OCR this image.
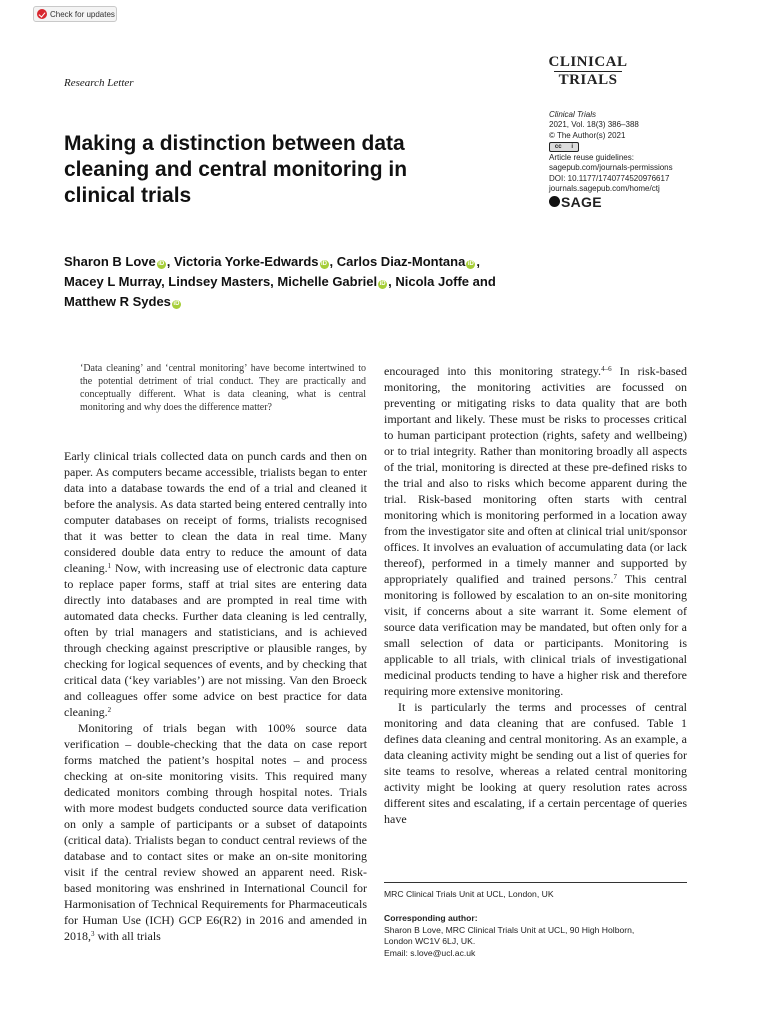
Check for updates
Research Letter
CLINICAL
TRIALS
Making a distinction between data cleaning and central monitoring in clinical trials
Clinical Trials
2021, Vol. 18(3) 386–388
© The Author(s) 2021
cc i
Article reuse guidelines:
sagepub.com/journals-permissions
DOI: 10.1177/1740774520976617
journals.sagepub.com/home/ctj
SAGE
Sharon B Love iD , Victoria Yorke-Edwards iD , Carlos Diaz-Montana iD ,
Macey L Murray, Lindsey Masters, Michelle Gabriel iD , Nicola Joffe and
Matthew R Sydes iD
‘Data cleaning’ and ‘central monitoring’ have become intertwined to the potential detriment of trial conduct. They are practically and conceptually different. What is data cleaning, what is central monitoring and why does the difference matter?

Early clinical trials collected data on punch cards and then on paper. As computers became accessible, trialists began to enter data into a database towards the end of a trial and cleaned it before the analysis. As data started being entered centrally into computer databases on receipt of forms, trialists recognised that it was better to clean the data in real time. Many considered double data entry to reduce the amount of data cleaning.$^1$ Now, with increasing use of electronic data capture to replace paper forms, staff at trial sites are entering data directly into databases and are prompted in real time with automated data checks. Further data cleaning is led centrally, often by trial managers and statisticians, and is achieved through checking against prescriptive or plausible ranges, by checking for logical sequences of events, and by checking that critical data (‘key variables’) are not missing. Van den Broeck and colleagues offer some advice on best practice for data cleaning.$^2$

Monitoring of trials began with 100% source data verification – double-checking that the data on case report forms matched the patient’s hospital notes – and process checking at on-site monitoring visits. This required many dedicated monitors combing through hospital notes. Trials with more modest budgets conducted source data verification on only a sample of participants or a subset of datapoints (critical data). Trialists began to conduct central reviews of the database and to contact sites or make an on-site monitoring visit if the central review showed an apparent need. Risk-based monitoring was enshrined in International Council for Harmonisation of Technical Requirements for Pharmaceuticals for Human Use (ICH) GCP E6(R2) in 2016 and amended in 2018,$^3$ with all trials

encouraged into this monitoring strategy.$^{4-6}$ In risk-based monitoring, the monitoring activities are focussed on preventing or mitigating risks to data quality that are both important and likely. These must be risks to processes critical to human participant protection (rights, safety and wellbeing) or to trial integrity. Rather than monitoring broadly all aspects of the trial, monitoring is directed at these pre-defined risks to the trial and also to risks which become apparent during the trial. Risk-based monitoring often starts with central monitoring which is monitoring performed in a location away from the investigator site and often at clinical trial unit/sponsor offices. It involves an evaluation of accumulating data (or lack thereof), performed in a timely manner and supported by appropriately qualified and trained persons.$^7$ This central monitoring is followed by escalation to an on-site monitoring visit, if concerns about a site warrant it. Some element of source data verification may be mandated, but often only for a small selection of data or participants. Monitoring is applicable to all trials, with clinical trials of investigational medicinal products tending to have a higher risk and therefore requiring more extensive monitoring.

It is particularly the terms and processes of central monitoring and data cleaning that are confused. Table 1 defines data cleaning and central monitoring. As an example, a data cleaning activity might be sending out a list of queries for site teams to resolve, whereas a related central monitoring activity might be looking at query resolution rates across different sites and escalating, if a certain percentage of queries have

MRC Clinical Trials Unit at UCL, London, UK
Corresponding author:
Sharon B Love, MRC Clinical Trials Unit at UCL, 90 High Holborn,
London WC1V 6LJ, UK.
Email: s.love@ucl.ac.uk
